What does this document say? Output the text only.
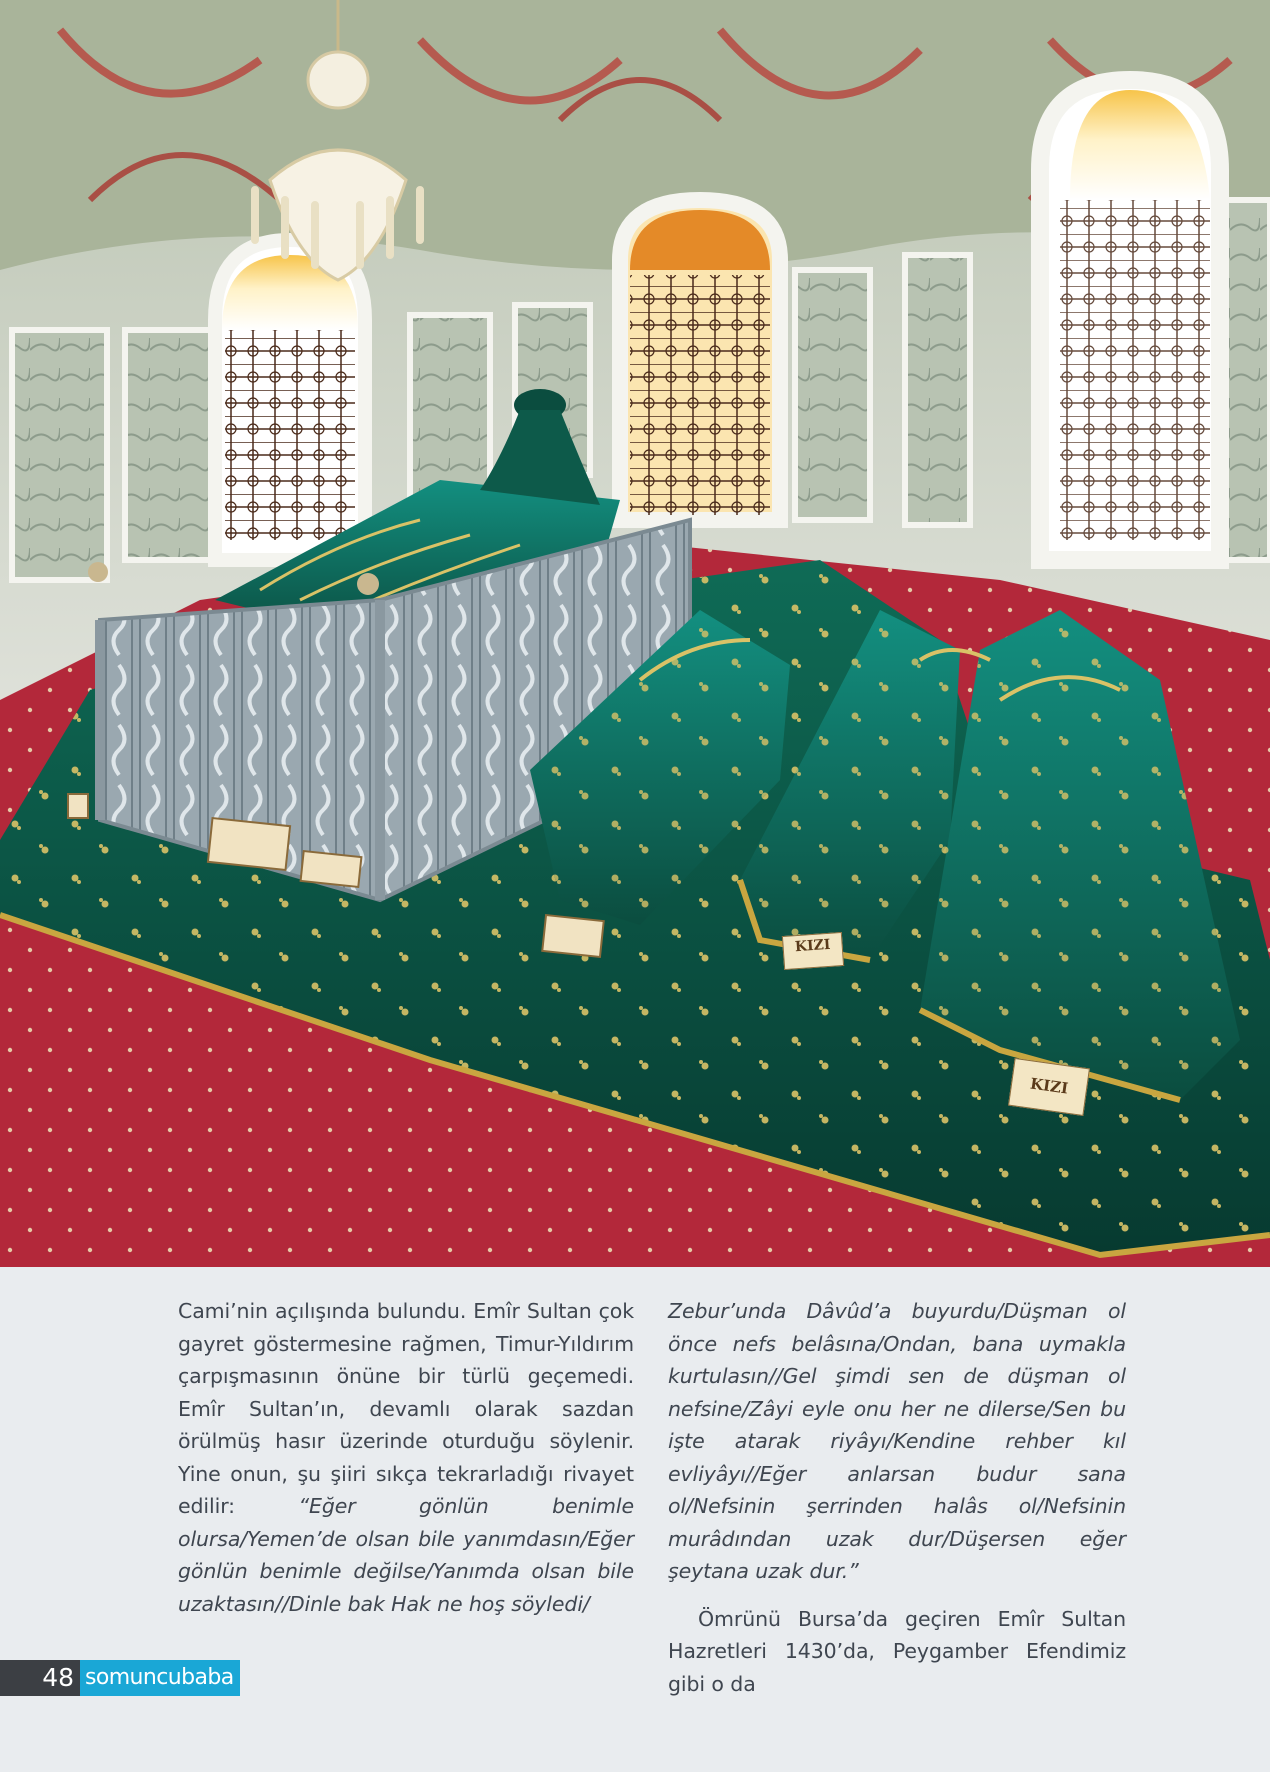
KIZI
KIZI

Cami’nin açılışında bulundu. Emîr Sultan çok gayret göstermesine rağmen, Timur-Yıldırım çarpışmasının önüne bir türlü geçemedi. Emîr Sultan’ın, devamlı olarak sazdan örülmüş hasır üzerinde oturduğu söylenir. Yine onun, şu şiiri sıkça tekrarladığı rivayet edilir: “Eğer gönlün benimle olursa/Yemen’de olsan bile yanımdasın/Eğer gönlün benimle değilse/Yanımda olsan bile uzaktasın//Dinle bak Hak ne hoş söyledi/

Zebur’unda Dâvûd’a buyurdu/Düşman ol önce nefs belâsına/Ondan, bana uymakla kurtulasın//Gel şimdi sen de düşman ol nefsine/Zâyi eyle onu her ne dilerse/Sen bu işte atarak riyâyı/Kendine rehber kıl evliyâyı//Eğer anlarsan budur sana ol/Nefsinin şerrinden halâs ol/Nefsinin murâdından uzak dur/Düşersen eğer şeytana uzak dur.”

Ömrünü Bursa’da geçiren Emîr Sultan Hazretleri 1430’da, Peygamber Efendimiz gibi o da

48 somuncubaba
